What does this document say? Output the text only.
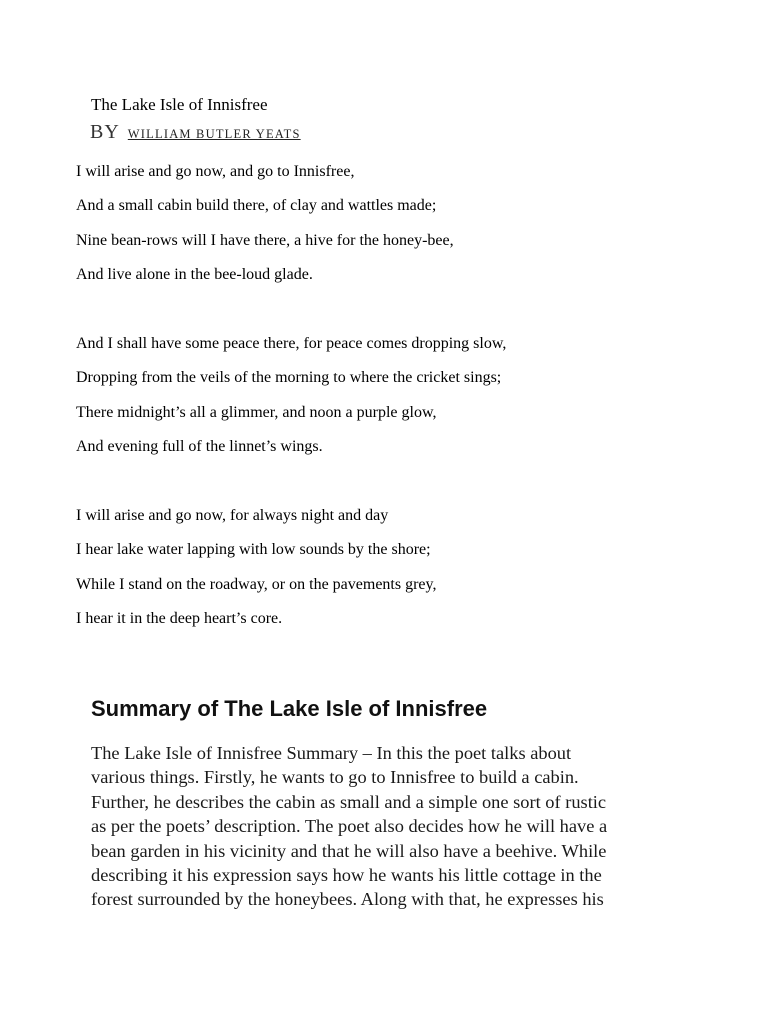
The Lake Isle of Innisfree
BY WILLIAM BUTLER YEATS
I will arise and go now, and go to Innisfree,
And a small cabin build there, of clay and wattles made;
Nine bean-rows will I have there, a hive for the honey-bee,
And live alone in the bee-loud glade.
And I shall have some peace there, for peace comes dropping slow,
Dropping from the veils of the morning to where the cricket sings;
There midnight’s all a glimmer, and noon a purple glow,
And evening full of the linnet’s wings.
I will arise and go now, for always night and day
I hear lake water lapping with low sounds by the shore;
While I stand on the roadway, or on the pavements grey,
I hear it in the deep heart’s core.
Summary of The Lake Isle of Innisfree
The Lake Isle of Innisfree Summary – In this the poet talks about
various things. Firstly, he wants to go to Innisfree to build a cabin.
Further, he describes the cabin as small and a simple one sort of rustic
as per the poets’ description. The poet also decides how he will have a
bean garden in his vicinity and that he will also have a beehive. While
describing it his expression says how he wants his little cottage in the
forest surrounded by the honeybees. Along with that, he expresses his
